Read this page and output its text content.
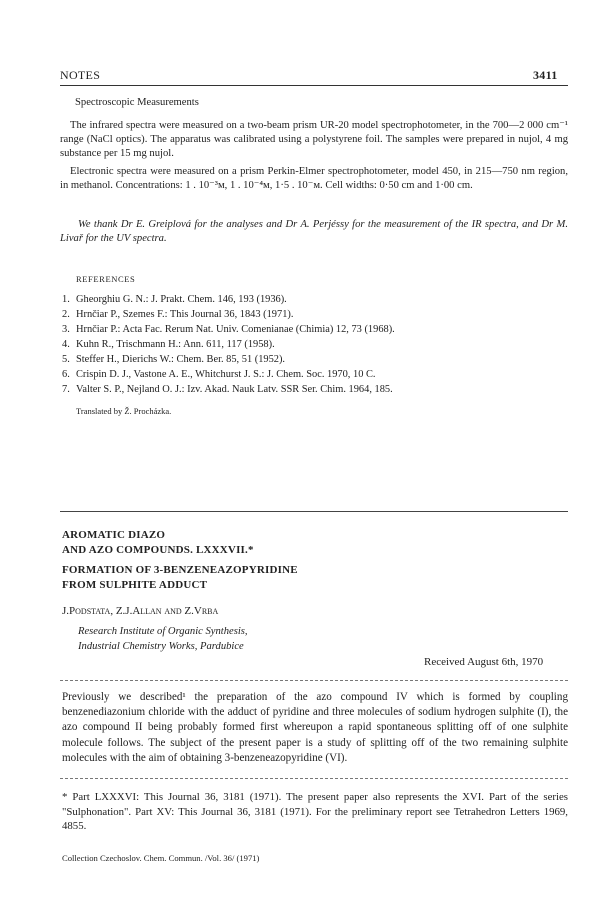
NOTES	3411
Spectroscopic Measurements
The infrared spectra were measured on a two-beam prism UR-20 model spectrophotometer, in the 700—2 000 cm⁻¹ range (NaCl optics). The apparatus was calibrated using a polystyrene foil. The samples were prepared in nujol, 4 mg substance per 15 mg nujol.
Electronic spectra were measured on a prism Perkin-Elmer spectrophotometer, model 450, in 215—750 nm region, in methanol. Concentrations: 1 . 10⁻³ᴍ, 1 . 10⁻⁴ᴍ, 1·5 . 10⁻ᴍ. Cell widths: 0·50 cm and 1·00 cm.
We thank Dr E. Greiplová for the analyses and Dr A. Perjéssy for the measurement of the IR spectra, and Dr M. Livař for the UV spectra.
REFERENCES
1. Gheorghiu G. N.: J. Prakt. Chem. 146, 193 (1936).
2. Hrnčiar P., Szemes F.: This Journal 36, 1843 (1971).
3. Hrnčiar P.: Acta Fac. Rerum Nat. Univ. Comenianae (Chimia) 12, 73 (1968).
4. Kuhn R., Trischmann H.: Ann. 611, 117 (1958).
5. Steffer H., Dierichs W.: Chem. Ber. 85, 51 (1952).
6. Crispin D. J., Vastone A. E., Whitchurst J. S.: J. Chem. Soc. 1970, 10 C.
7. Valter S. P., Nejland O. J.: Izv. Akad. Nauk Latv. SSR Ser. Chim. 1964, 185.
Translated by Ž. Procházka.
AROMATIC DIAZO
AND AZO COMPOUNDS. LXXXVII.*
FORMATION OF 3-BENZENEAZOPYRIDINE
FROM SULPHITE ADDUCT
J.Podstata, Z.J.Allan and Z.Vrba
Research Institute of Organic Synthesis,
Industrial Chemistry Works, Pardubice
Received August 6th, 1970
Previously we described¹ the preparation of the azo compound IV which is formed by coupling benzenediazonium chloride with the adduct of pyridine and three molecules of sodium hydrogen sulphite (I), the azo compound II being probably formed first whereupon a rapid spontaneous splitting off of one sulphite molecule follows. The subject of the present paper is a study of splitting off of the two remaining sulphite molecules with the aim of obtaining 3-benzeneazopyridine (VI).
* Part LXXXVI: This Journal 36, 3181 (1971). The present paper also represents the XVI. Part of the series "Sulphonation". Part XV: This Journal 36, 3181 (1971). For the preliminary report see Tetrahedron Letters 1969, 4855.
Collection Czechoslov. Chem. Commun. /Vol. 36/ (1971)
